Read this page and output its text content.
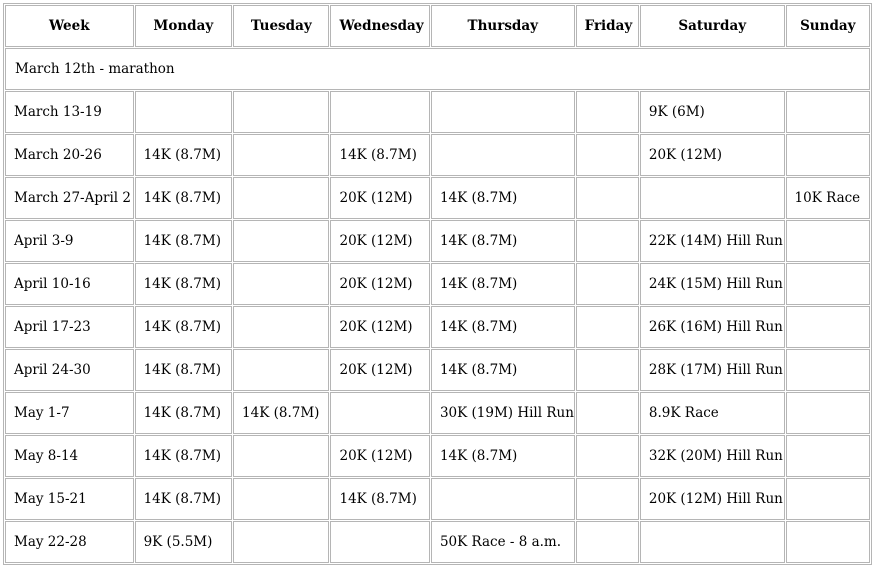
Week	Monday	Tuesday	Wednesday	Thursday	Friday	Saturday	Sunday
March 12th - marathon							
March 13-19						9K (6M)	
March 20-26	14K (8.7M)		14K (8.7M)			20K (12M)	
March 27-April 2	14K (8.7M)		20K (12M)	14K (8.7M)			10K Race
April 3-9	14K (8.7M)		20K (12M)	14K (8.7M)		22K (14M) Hill Run	
April 10-16	14K (8.7M)		20K (12M)	14K (8.7M)		24K (15M) Hill Run	
April 17-23	14K (8.7M)		20K (12M)	14K (8.7M)		26K (16M) Hill Run	
April 24-30	14K (8.7M)		20K (12M)	14K (8.7M)		28K (17M) Hill Run	
May 1-7	14K (8.7M)	14K (8.7M)		30K (19M) Hill Run		8.9K Race	
May 8-14	14K (8.7M)		20K (12M)	14K (8.7M)		32K (20M) Hill Run	
May 15-21	14K (8.7M)		14K (8.7M)			20K (12M) Hill Run	
May 22-28	9K (5.5M)			50K Race - 8 a.m.			
